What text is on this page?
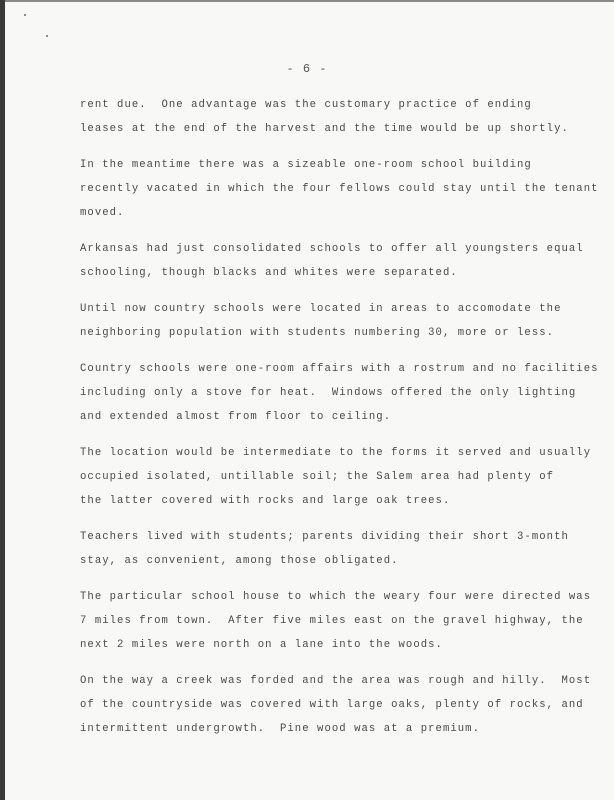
- 6 -
rent due.  One advantage was the customary practice of ending
leases at the end of the harvest and the time would be up shortly.
In the meantime there was a sizeable one-room school building
recently vacated in which the four fellows could stay until the tenant
moved.
Arkansas had just consolidated schools to offer all youngsters equal
schooling, though blacks and whites were separated.
Until now country schools were located in areas to accomodate the
neighboring population with students numbering 30, more or less.
Country schools were one-room affairs with a rostrum and no facilities
including only a stove for heat.  Windows offered the only lighting
and extended almost from floor to ceiling.
The location would be intermediate to the forms it served and usually
occupied isolated, untillable soil; the Salem area had plenty of
the latter covered with rocks and large oak trees.
Teachers lived with students; parents dividing their short 3-month
stay, as convenient, among those obligated.
The particular school house to which the weary four were directed was
7 miles from town.  After five miles east on the gravel highway, the
next 2 miles were north on a lane into the woods.
On the way a creek was forded and the area was rough and hilly.  Most
of the countryside was covered with large oaks, plenty of rocks, and
intermittent undergrowth.  Pine wood was at a premium.
